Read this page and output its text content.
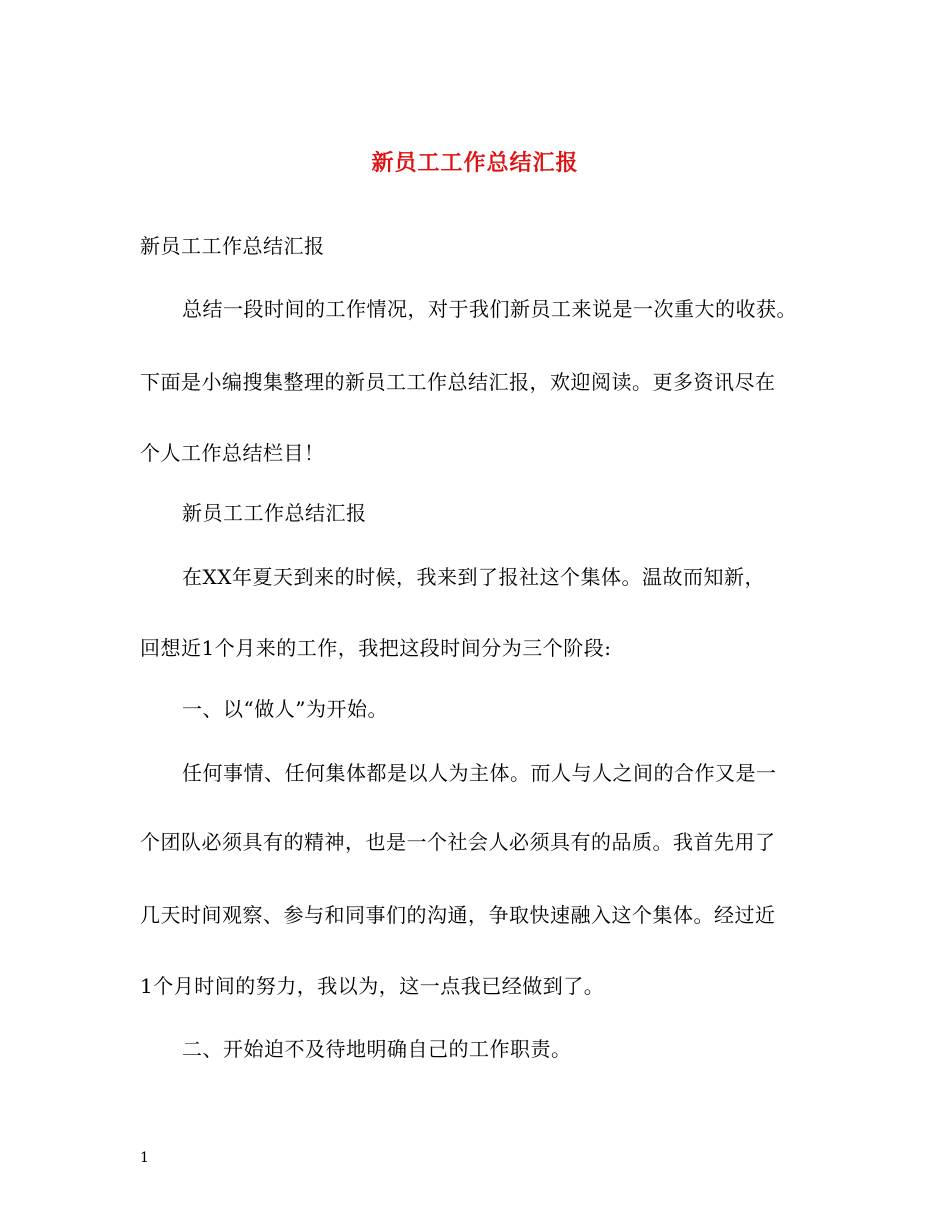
新员工工作总结汇报
新员工工作总结汇报
总结一段时间的工作情况，对于我们新员工来说是一次重大的收获。
下面是小编搜集整理的新员工工作总结汇报，欢迎阅读。更多资讯尽在
个人工作总结栏目！
新员工工作总结汇报
在XX年夏天到来的时候，我来到了报社这个集体。温故而知新，
回想近1个月来的工作，我把这段时间分为三个阶段:
一、以“做人”为开始。
任何事情、任何集体都是以人为主体。而人与人之间的合作又是一
个团队必须具有的精神，也是一个社会人必须具有的品质。我首先用了
几天时间观察、参与和同事们的沟通，争取快速融入这个集体。经过近
1个月时间的努力，我以为，这一点我已经做到了。
二、开始迫不及待地明确自己的工作职责。
1
